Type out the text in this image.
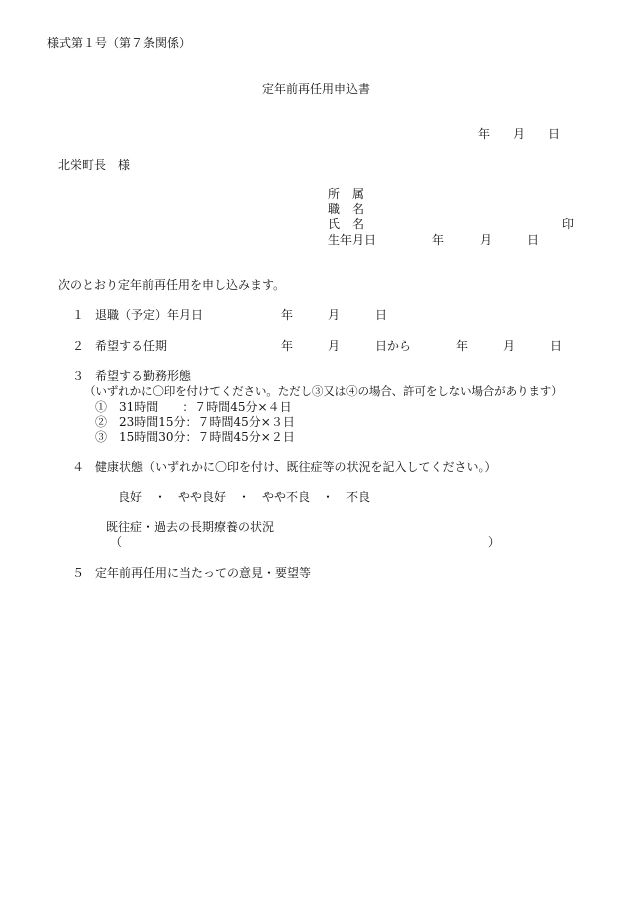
様式第１号（第７条関係）
定年前再任用申込書
年 月 日
北栄町長　様
所　属
職　名
氏　名	印
生年月日	年	月	日
次のとおり定年前再任用を申し込みます。
１ 退職（予定）年月日	年	月	日
２ 希望する任期	年	月	日から	年	月	日
３ 希望する勤務形態
（いずれかに〇印を付けてください。ただし③又は④の場合、許可をしない場合があります）
①　31時間　　：７時間45分×４日
②　23時間15分：７時間45分×３日
③　15時間30分：７時間45分×２日
４ 健康状態（いずれかに〇印を付け、既往症等の状況を記入してください。）
良好　・　やや良好　・　やや不良　・　不良
既往症・過去の長期療養の状況
（	）
５ 定年前再任用に当たっての意見・要望等
